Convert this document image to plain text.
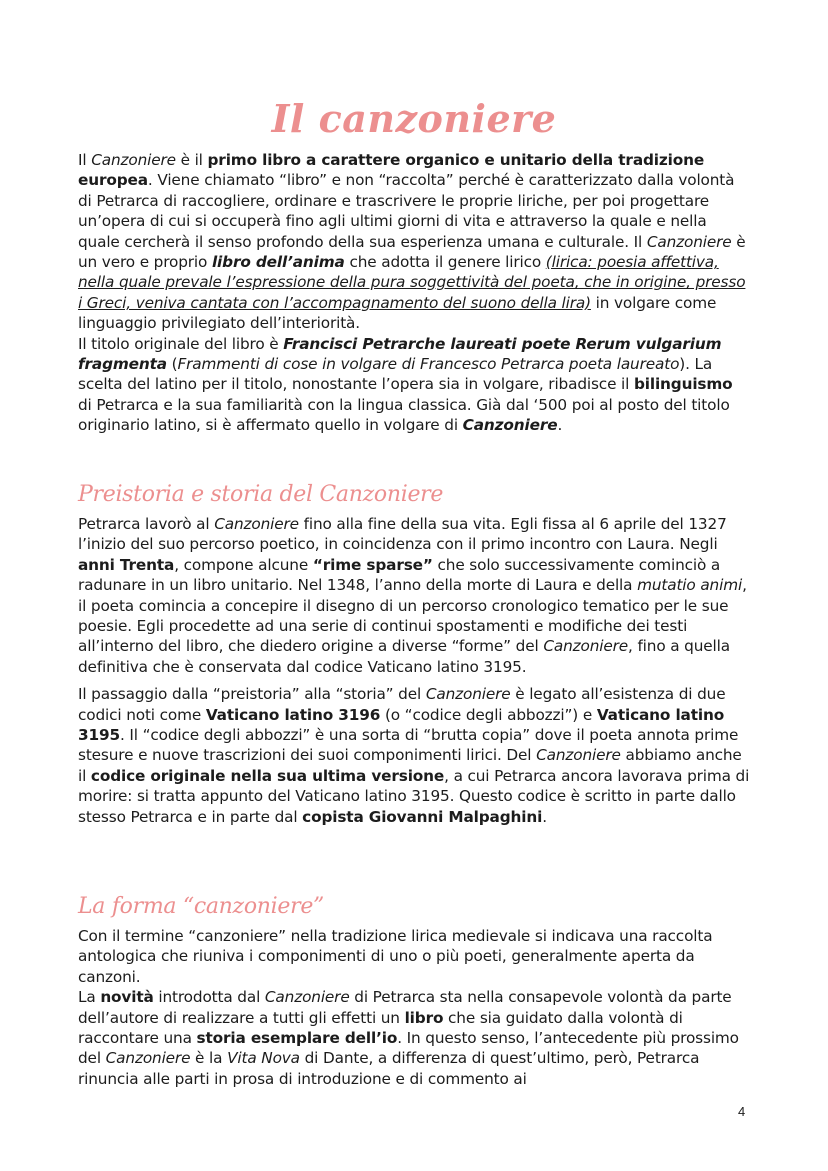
Il canzoniere

Il Canzoniere è il primo libro a carattere organico e unitario della tradizione europea. Viene chiamato “libro” e non “raccolta” perché è caratterizzato dalla volontà di Petrarca di raccogliere, ordinare e trascrivere le proprie liriche, per poi progettare un’opera di cui si occuperà fino agli ultimi giorni di vita e attraverso la quale e nella quale cercherà il senso profondo della sua esperienza umana e culturale. Il Canzoniere è un vero e proprio libro dell’anima che adotta il genere lirico (lirica: poesia affettiva, nella quale prevale l’espressione della pura soggettività del poeta, che in origine, presso i Greci, veniva cantata con l’accompagnamento del suono della lira) in volgare come linguaggio privilegiato dell’interiorità.

Il titolo originale del libro è Francisci Petrarche laureati poete Rerum vulgarium fragmenta (Frammenti di cose in volgare di Francesco Petrarca poeta laureato). La scelta del latino per il titolo, nonostante l’opera sia in volgare, ribadisce il bilinguismo di Petrarca e la sua familiarità con la lingua classica. Già dal ‘500 poi al posto del titolo originario latino, si è affermato quello in volgare di Canzoniere.

Preistoria e storia del Canzoniere

Petrarca lavorò al Canzoniere fino alla fine della sua vita. Egli fissa al 6 aprile del 1327 l’inizio del suo percorso poetico, in coincidenza con il primo incontro con Laura. Negli anni Trenta, compone alcune “rime sparse” che solo successivamente cominciò a radunare in un libro unitario. Nel 1348, l’anno della morte di Laura e della mutatio animi, il poeta comincia a concepire il disegno di un percorso cronologico tematico per le sue poesie. Egli procedette ad una serie di continui spostamenti e modifiche dei testi all’interno del libro, che diedero origine a diverse “forme” del Canzoniere, fino a quella definitiva che è conservata dal codice Vaticano latino 3195.

Il passaggio dalla “preistoria” alla “storia” del Canzoniere è legato all’esistenza di due codici noti come Vaticano latino 3196 (o “codice degli abbozzi”) e Vaticano latino 3195. Il “codice degli abbozzi” è una sorta di “brutta copia” dove il poeta annota prime stesure e nuove trascrizioni dei suoi componimenti lirici. Del Canzoniere abbiamo anche il codice originale nella sua ultima versione, a cui Petrarca ancora lavorava prima di morire: si tratta appunto del Vaticano latino 3195. Questo codice è scritto in parte dallo stesso Petrarca e in parte dal copista Giovanni Malpaghini.

La forma “canzoniere”

Con il termine “canzoniere” nella tradizione lirica medievale si indicava una raccolta antologica che riuniva i componimenti di uno o più poeti, generalmente aperta da canzoni.

La novità introdotta dal Canzoniere di Petrarca sta nella consapevole volontà da parte dell’autore di realizzare a tutti gli effetti un libro che sia guidato dalla volontà di raccontare una storia esemplare dell’io. In questo senso, l’antecedente più prossimo del Canzoniere è la Vita Nova di Dante, a differenza di quest’ultimo, però, Petrarca rinuncia alle parti in prosa di introduzione e di commento ai

4
